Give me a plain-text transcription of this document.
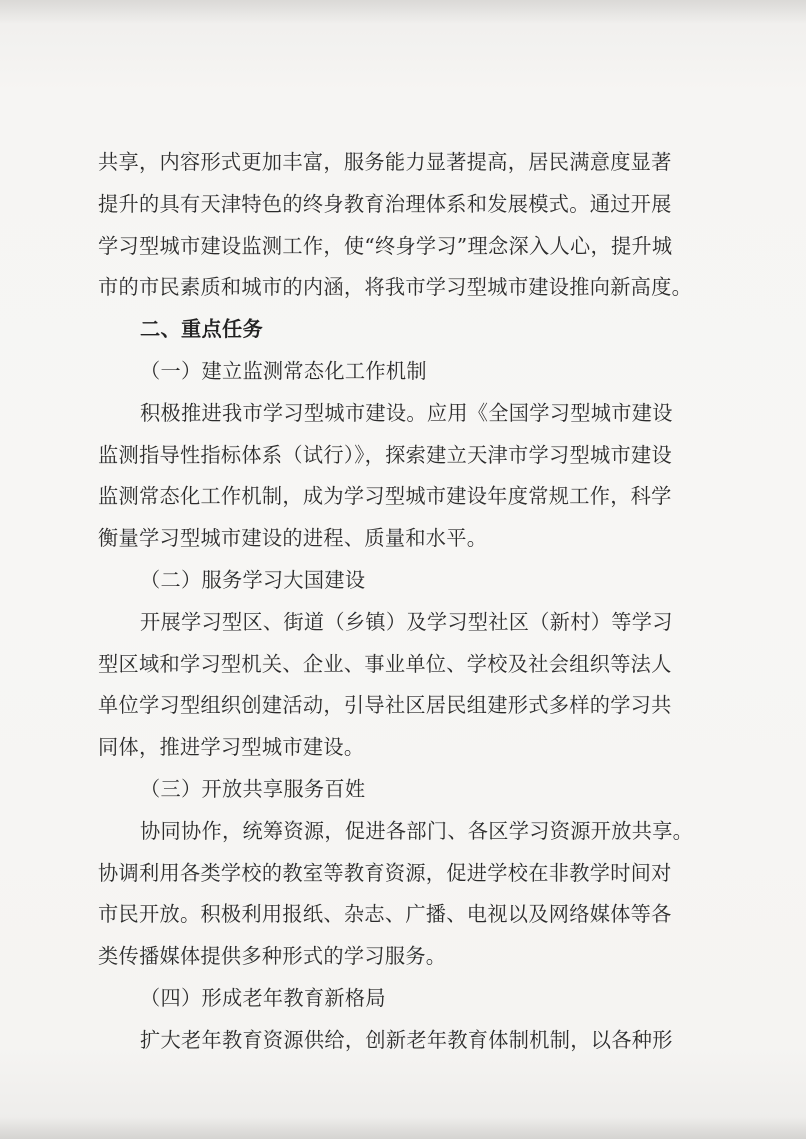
共享，内容形式更加丰富，服务能力显著提高，居民满意度显著
提升的具有天津特色的终身教育治理体系和发展模式。通过开展
学习型城市建设监测工作，使“终身学习”理念深入人心，提升城
市的市民素质和城市的内涵，将我市学习型城市建设推向新高度。
二、重点任务
（一）建立监测常态化工作机制
积极推进我市学习型城市建设。应用《全国学习型城市建设
监测指导性指标体系（试行）》，探索建立天津市学习型城市建设
监测常态化工作机制，成为学习型城市建设年度常规工作，科学
衡量学习型城市建设的进程、质量和水平。
（二）服务学习大国建设
开展学习型区、街道（乡镇）及学习型社区（新村）等学习
型区域和学习型机关、企业、事业单位、学校及社会组织等法人
单位学习型组织创建活动，引导社区居民组建形式多样的学习共
同体，推进学习型城市建设。
（三）开放共享服务百姓
协同协作，统筹资源，促进各部门、各区学习资源开放共享。
协调利用各类学校的教室等教育资源，促进学校在非教学时间对
市民开放。积极利用报纸、杂志、广播、电视以及网络媒体等各
类传播媒体提供多种形式的学习服务。
（四）形成老年教育新格局
扩大老年教育资源供给，创新老年教育体制机制，以各种形
